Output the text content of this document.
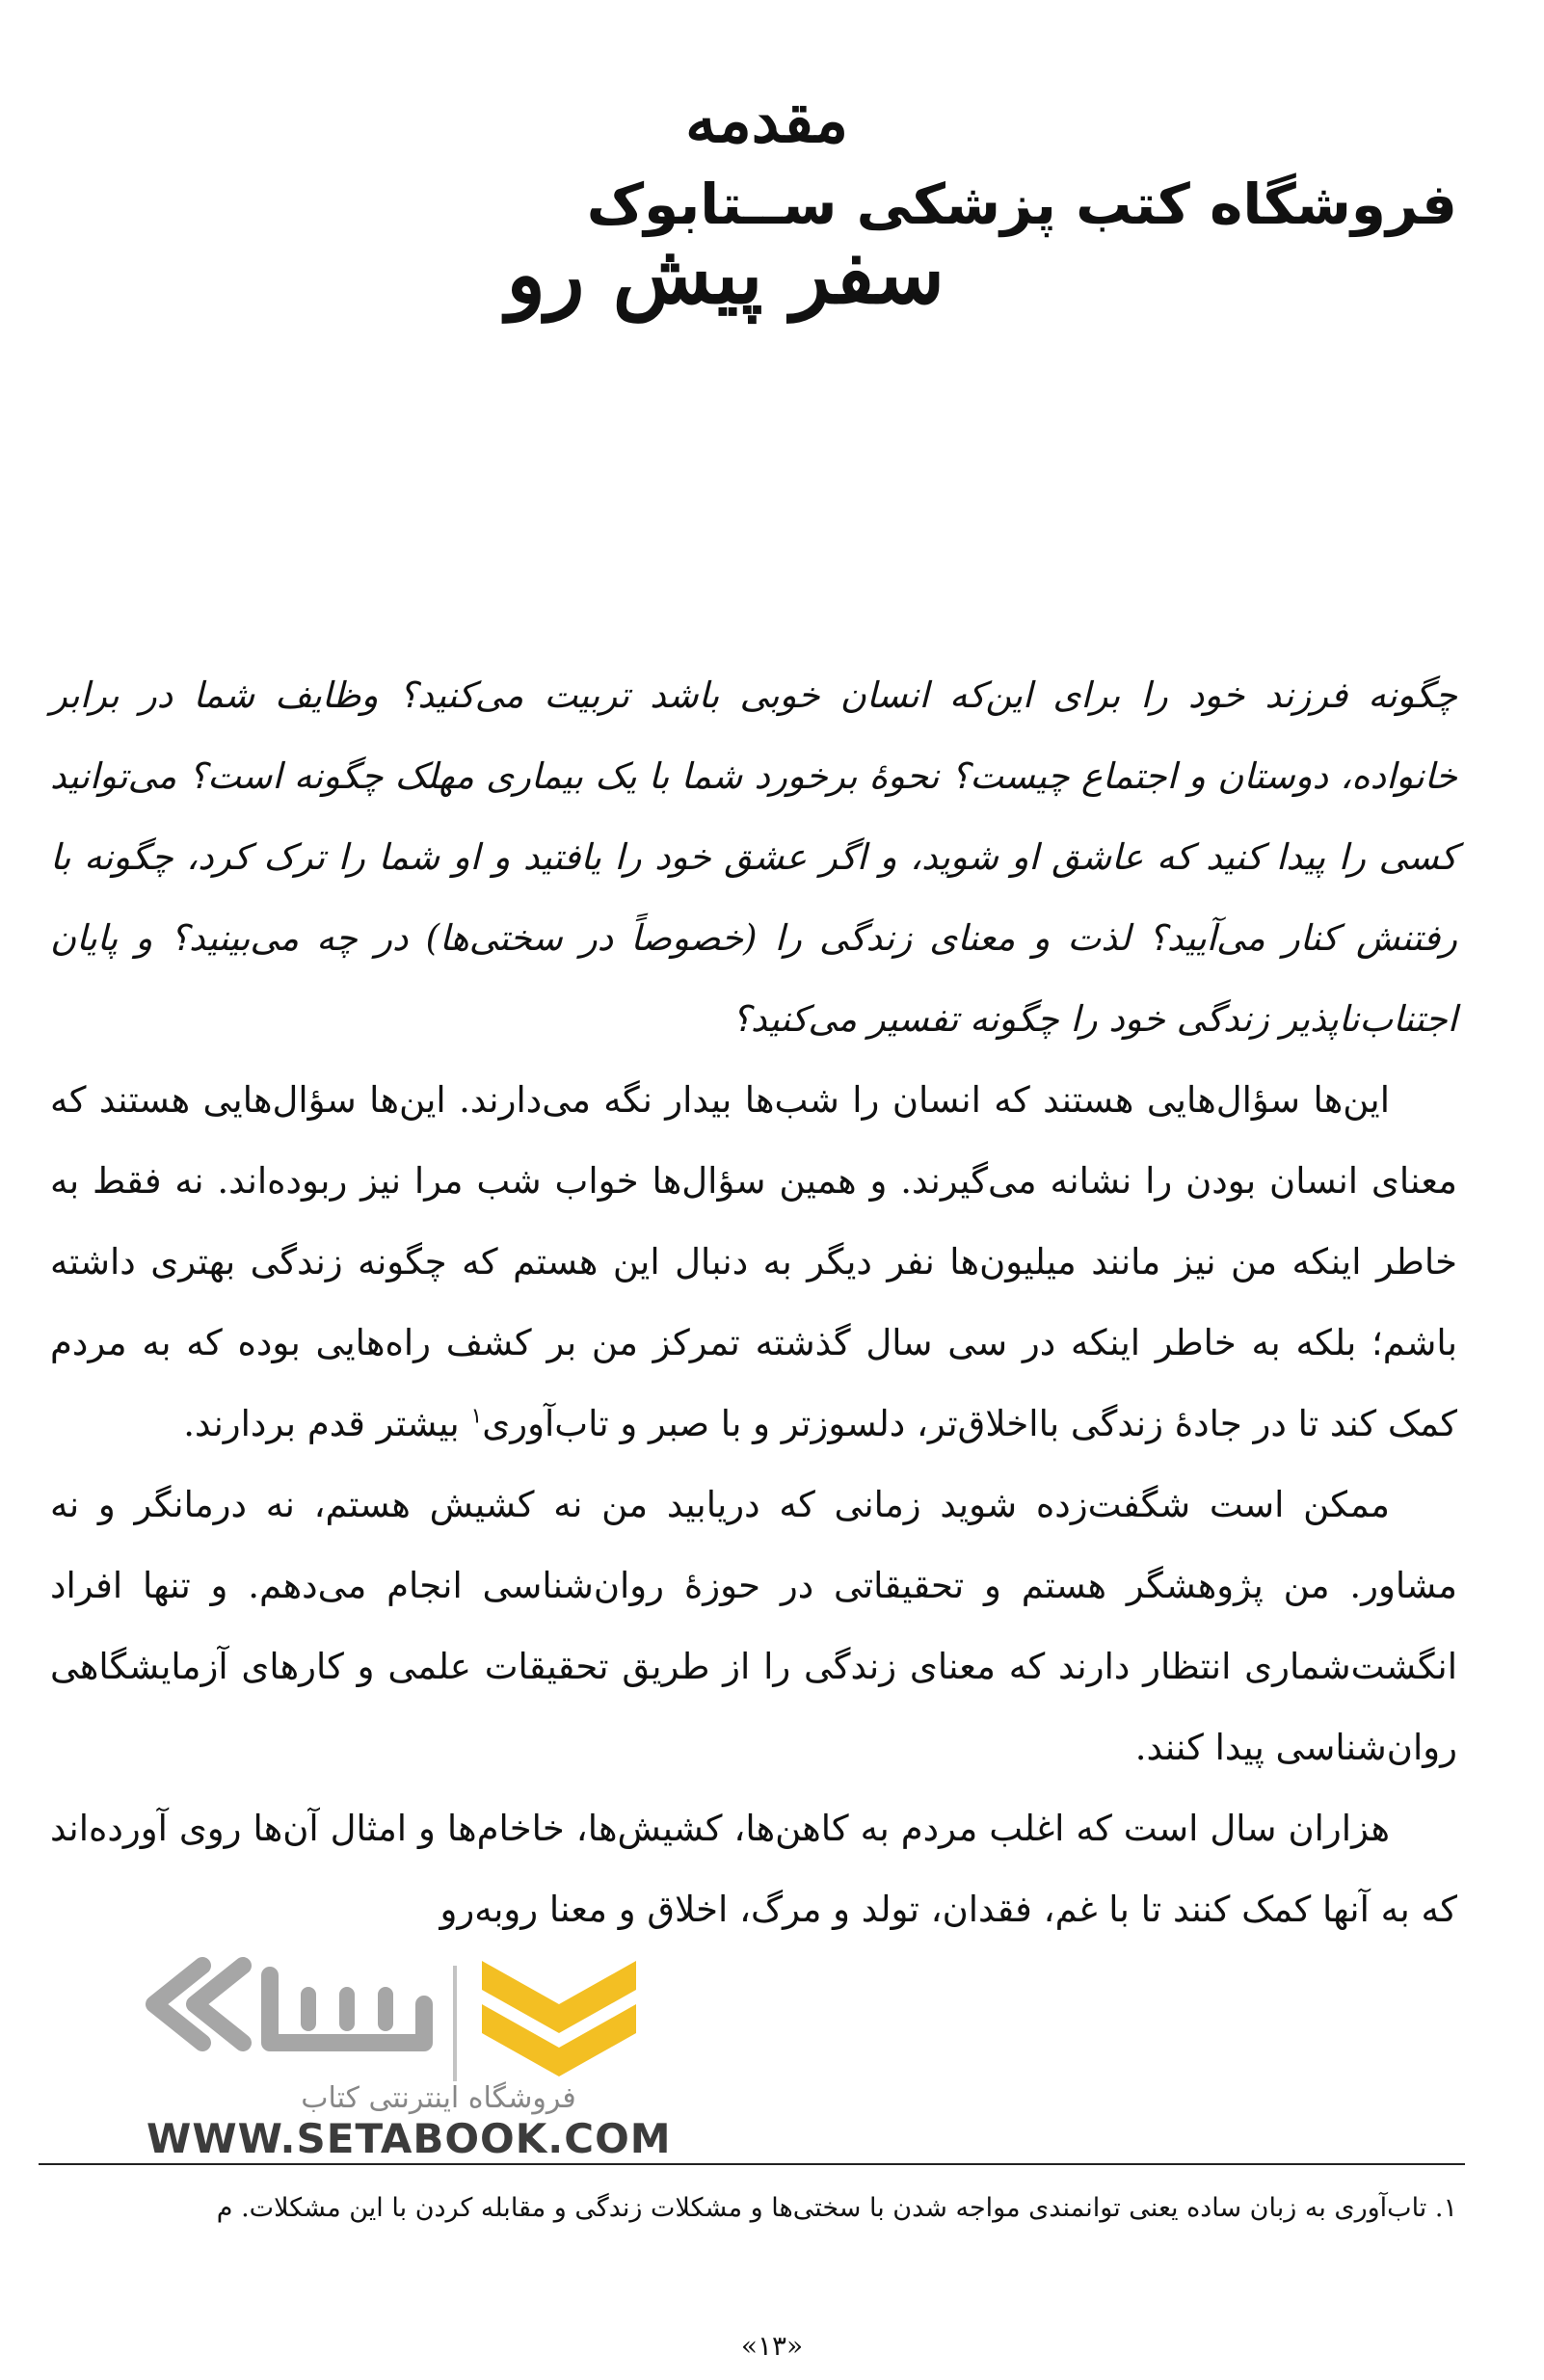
مقدمه
فروشگاه کتب پزشکی ســتابوک
سفر پیش رو

چگونه فرزند خود را برای این‌که انسان خوبی باشد تربیت می‌کنید؟ وظایف شما در برابر خانواده، دوستان و اجتماع چیست؟ نحوهٔ برخورد شما با یک بیماری مهلک چگونه است؟ می‌توانید کسی را پیدا کنید که عاشق او شوید، و اگر عشق خود را یافتید و او شما را ترک کرد، چگونه با رفتنش کنار می‌آیید؟ لذت و معنای زندگی را (خصوصاً در سختی‌ها) در چه می‌بینید؟ و پایان اجتناب‌ناپذیر زندگی خود را چگونه تفسیر می‌کنید؟

این‌ها سؤال‌هایی هستند که انسان را شب‌ها بیدار نگه می‌دارند. این‌ها سؤال‌هایی هستند که معنای انسان بودن را نشانه می‌گیرند. و همین سؤال‌ها خواب شب مرا نیز ربوده‌اند. نه فقط به خاطر اینکه من نیز مانند میلیون‌ها نفر دیگر به دنبال این هستم که چگونه زندگی بهتری داشته باشم؛ بلکه به خاطر اینکه در سی سال گذشته تمرکز من بر کشف راه‌هایی بوده که به مردم کمک کند تا در جادهٔ زندگی بااخلاق‌تر، دلسوزتر و با صبر و تاب‌آوری$^۱$ بیشتر قدم بردارند.

ممکن است شگفت‌زده شوید زمانی که دریابید من نه کشیش هستم، نه درمانگر و نه مشاور. من پژوهشگر هستم و تحقیقاتی در حوزهٔ روان‌شناسی انجام می‌دهم. و تنها افراد انگشت‌شماری انتظار دارند که معنای زندگی را از طریق تحقیقات علمی و کارهای آزمایشگاهی روان‌شناسی پیدا کنند.

هزاران سال است که اغلب مردم به کاهن‌ها، کشیش‌ها، خاخام‌ها و امثال آن‌ها روی آورده‌اند که به آنها کمک کنند تا با غم، فقدان، تولد و مرگ، اخلاق و معنا روبه‌رو

فروشگاه اینترنتی کتاب
WWW.SETABOOK.COM
۱. تاب‌آوری به زبان ساده یعنی توانمندی مواجه شدن با سختی‌ها و مشکلات زندگی و مقابله کردن با این مشکلات. م
«۱۳»
